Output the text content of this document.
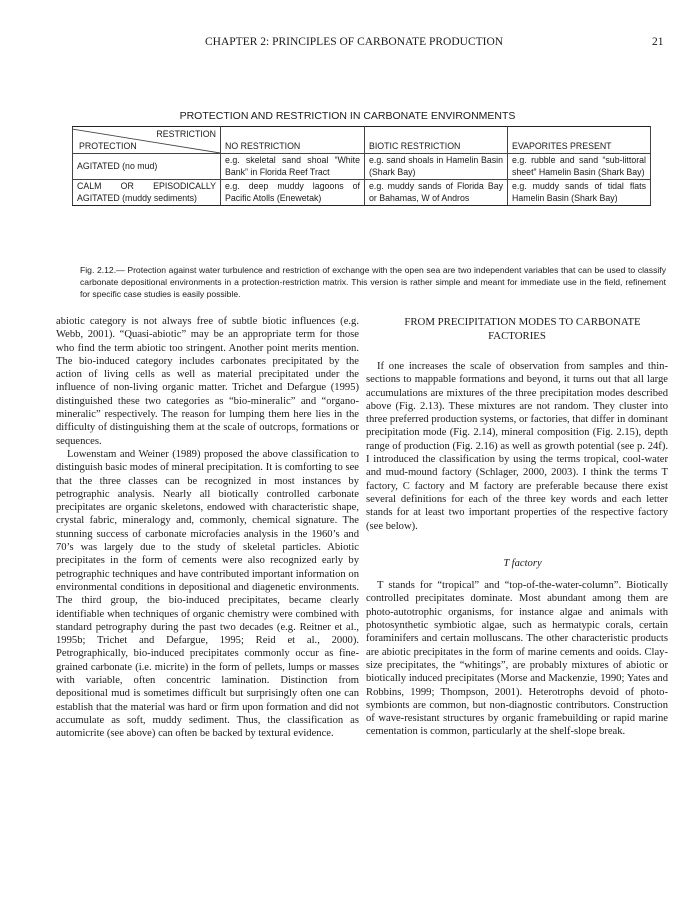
CHAPTER 2: PRINCIPLES OF CARBONATE PRODUCTION	21
PROTECTION AND RESTRICTION IN CARBONATE ENVIRONMENTS
RESTRICTION
PROTECTION	NO RESTRICTION	BIOTIC RESTRICTION	EVAPORITES PRESENT
AGITATED (no mud)	e.g. skeletal sand shoal “White Bank” in Florida Reef Tract	e.g. sand shoals in Hamelin Basin (Shark Bay)	e.g. rubble and sand “sub-littoral sheet” Hamelin Basin (Shark Bay)
CALM OR EPISODICALLY AGITATED (muddy sediments)	e.g. deep muddy lagoons of Pacific Atolls (Enewetak)	e.g. muddy sands of Florida Bay or Bahamas, W of Andros	e.g. muddy sands of tidal flats Hamelin Basin (Shark Bay)
Fig. 2.12.— Protection against water turbulence and restriction of exchange with the open sea are two independent variables that can be used to classify carbonate depositional environments in a protection-restriction matrix. This version is rather simple and meant for immediate use in the field, refinement for specific case studies is easily possible.

abiotic category is not always free of subtle biotic influences (e.g. Webb, 2001). “Quasi-abiotic” may be an appropriate term for those who find the term abiotic too stringent. Another point merits mention. The bio-induced category includes carbonates precipitated by the action of living cells as well as material precipitated under the influence of non-living organic matter. Trichet and Defargue (1995) distinguished these two categories as “bio-mineralic” and “organo-mineralic” respectively. The reason for lumping them here lies in the difficulty of distinguishing them at the scale of outcrops, formations or sequences.

Lowenstam and Weiner (1989) proposed the above classification to distinguish basic modes of mineral precipitation. It is comforting to see that the three classes can be recognized in most instances by petrographic analysis. Nearly all biotically controlled carbonate precipitates are organic skeletons, endowed with characteristic shape, crystal fabric, mineralogy and, commonly, chemical signature. The stunning success of carbonate microfacies analysis in the 1960’s and 70’s was largely due to the study of skeletal particles. Abiotic precipitates in the form of cements were also recognized early by petrographic techniques and have contributed important information on environmental conditions in depositional and diagenetic environments. The third group, the bio-induced precipitates, became clearly identifiable when techniques of organic chemistry were combined with standard petrography during the past two decades (e.g. Reitner et al., 1995b; Trichet and Defargue, 1995; Reid et al., 2000). Petrographically, bio-induced precipitates commonly occur as fine-grained carbonate (i.e. micrite) in the form of pellets, lumps or masses with variable, often concentric lamination. Distinction from depositional mud is sometimes difficult but surprisingly often one can establish that the material was hard or firm upon formation and did not accumulate as soft, muddy sediment. Thus, the classification as automicrite (see above) can often be backed by textural evidence.

FROM PRECIPITATION MODES TO CARBONATE FACTORIES

If one increases the scale of observation from samples and thin-sections to mappable formations and beyond, it turns out that all large accumulations are mixtures of the three precipitation modes described above (Fig. 2.13). These mixtures are not random. They cluster into three preferred production systems, or factories, that differ in dominant precipitation mode (Fig. 2.14), mineral composition (Fig. 2.15), depth range of production (Fig. 2.16) as well as growth potential (see p. 24f). I introduced the classification by using the terms tropical, cool-water and mud-mound factory (Schlager, 2000, 2003). I think the terms T factory, C factory and M factory are preferable because there exist several definitions for each of the three key words and each letter stands for at least two important properties of the respective factory (see below).

T factory

T stands for “tropical” and “top-of-the-water-column”. Biotically controlled precipitates dominate. Most abundant among them are photo-autotrophic organisms, for instance algae and animals with photosynthetic symbiotic algae, such as hermatypic corals, certain foraminifers and certain molluscans. The other characteristic products are abiotic precipitates in the form of marine cements and ooids. Clay-size precipitates, the “whitings”, are probably mixtures of abiotic or biotically induced precipitates (Morse and Mackenzie, 1990; Yates and Robbins, 1999; Thompson, 2001). Heterotrophs devoid of photo-symbionts are common, but non-diagnostic contributors. Construction of wave-resistant structures by organic framebuilding or rapid marine cementation is common, particularly at the shelf-slope break.
